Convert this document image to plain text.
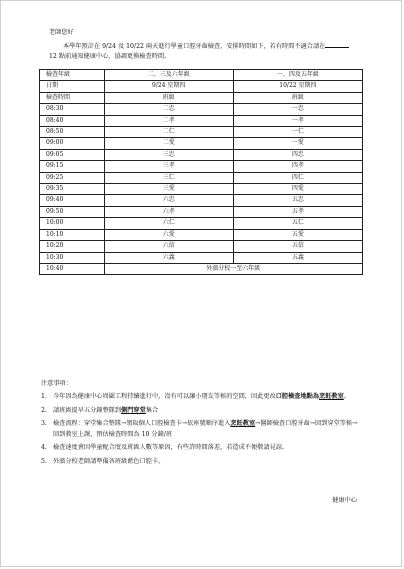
老師您好
本學年預計在 9/24 及 10/22 兩天進行學童口腔牙齒檢查，安排時間如下，若有時間不適合請在12 點前通知健康中心，協調更換檢查時間。
檢查年級	二、三及六年級	一、四及五年級
日期	9/24 星期四	10/22 星期四
檢查時間	班級	班級
08:30	二忠	一忠
08:40	二孝	一孝
08:50	二仁	一仁
09:00	二愛	一愛
09:05	三忠	四忠
09:15	三孝	四孝
09:25	三仁	四仁
09:35	三愛	四愛
09:40	六忠	五忠
09:50	六孝	五孝
10:00	六仁	五仁
10:10	六愛	五愛
10:20	六信	五信
10:30	六義	五義
10:40	外濱分校一至六年級	
注意事項：
1. 今年因為健康中心周圍工程持續進行中，沒有可以讓小朋友等候的空間，因此更改口腔檢查地點為烹飪教室。
2. 請班級提早五分鐘整隊到側門穿堂集合
3. 檢查流程：穿堂集合整隊→領取個人口腔檢查卡→依座號順序進入烹飪教室→醫師檢查口腔牙齒→回到穿堂等候→回到教室上課，預估檢查時間為 10 分鐘/班
4. 檢查速度會因學童配合度及班級人數等原因，有些許時間落差，若造成不便敬請見諒。
5. 外濱分校老師請準備各班級藍色口腔卡。
健康中心
